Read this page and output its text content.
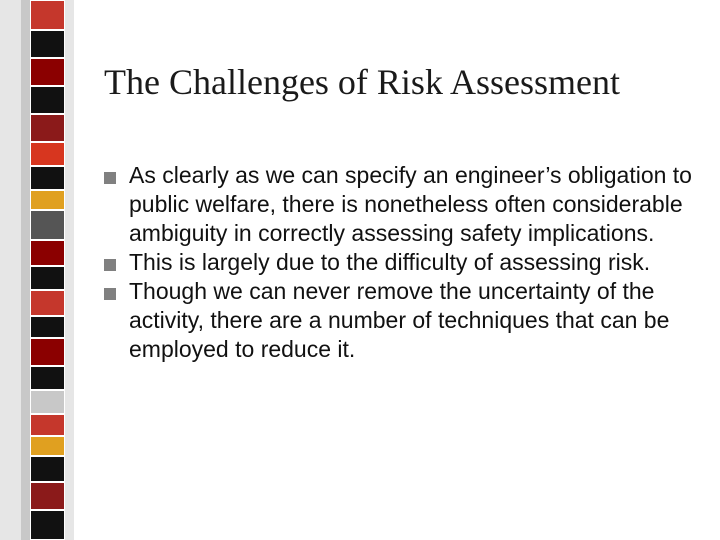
The Challenges of Risk Assessment
As clearly as we can specify an engineer’s obligation to public welfare, there is nonetheless often considerable ambiguity in correctly assessing safety implications.
This is largely due to the difficulty of assessing risk.
Though we can never remove the uncertainty of the activity, there are a number of techniques that can be employed to reduce it.
